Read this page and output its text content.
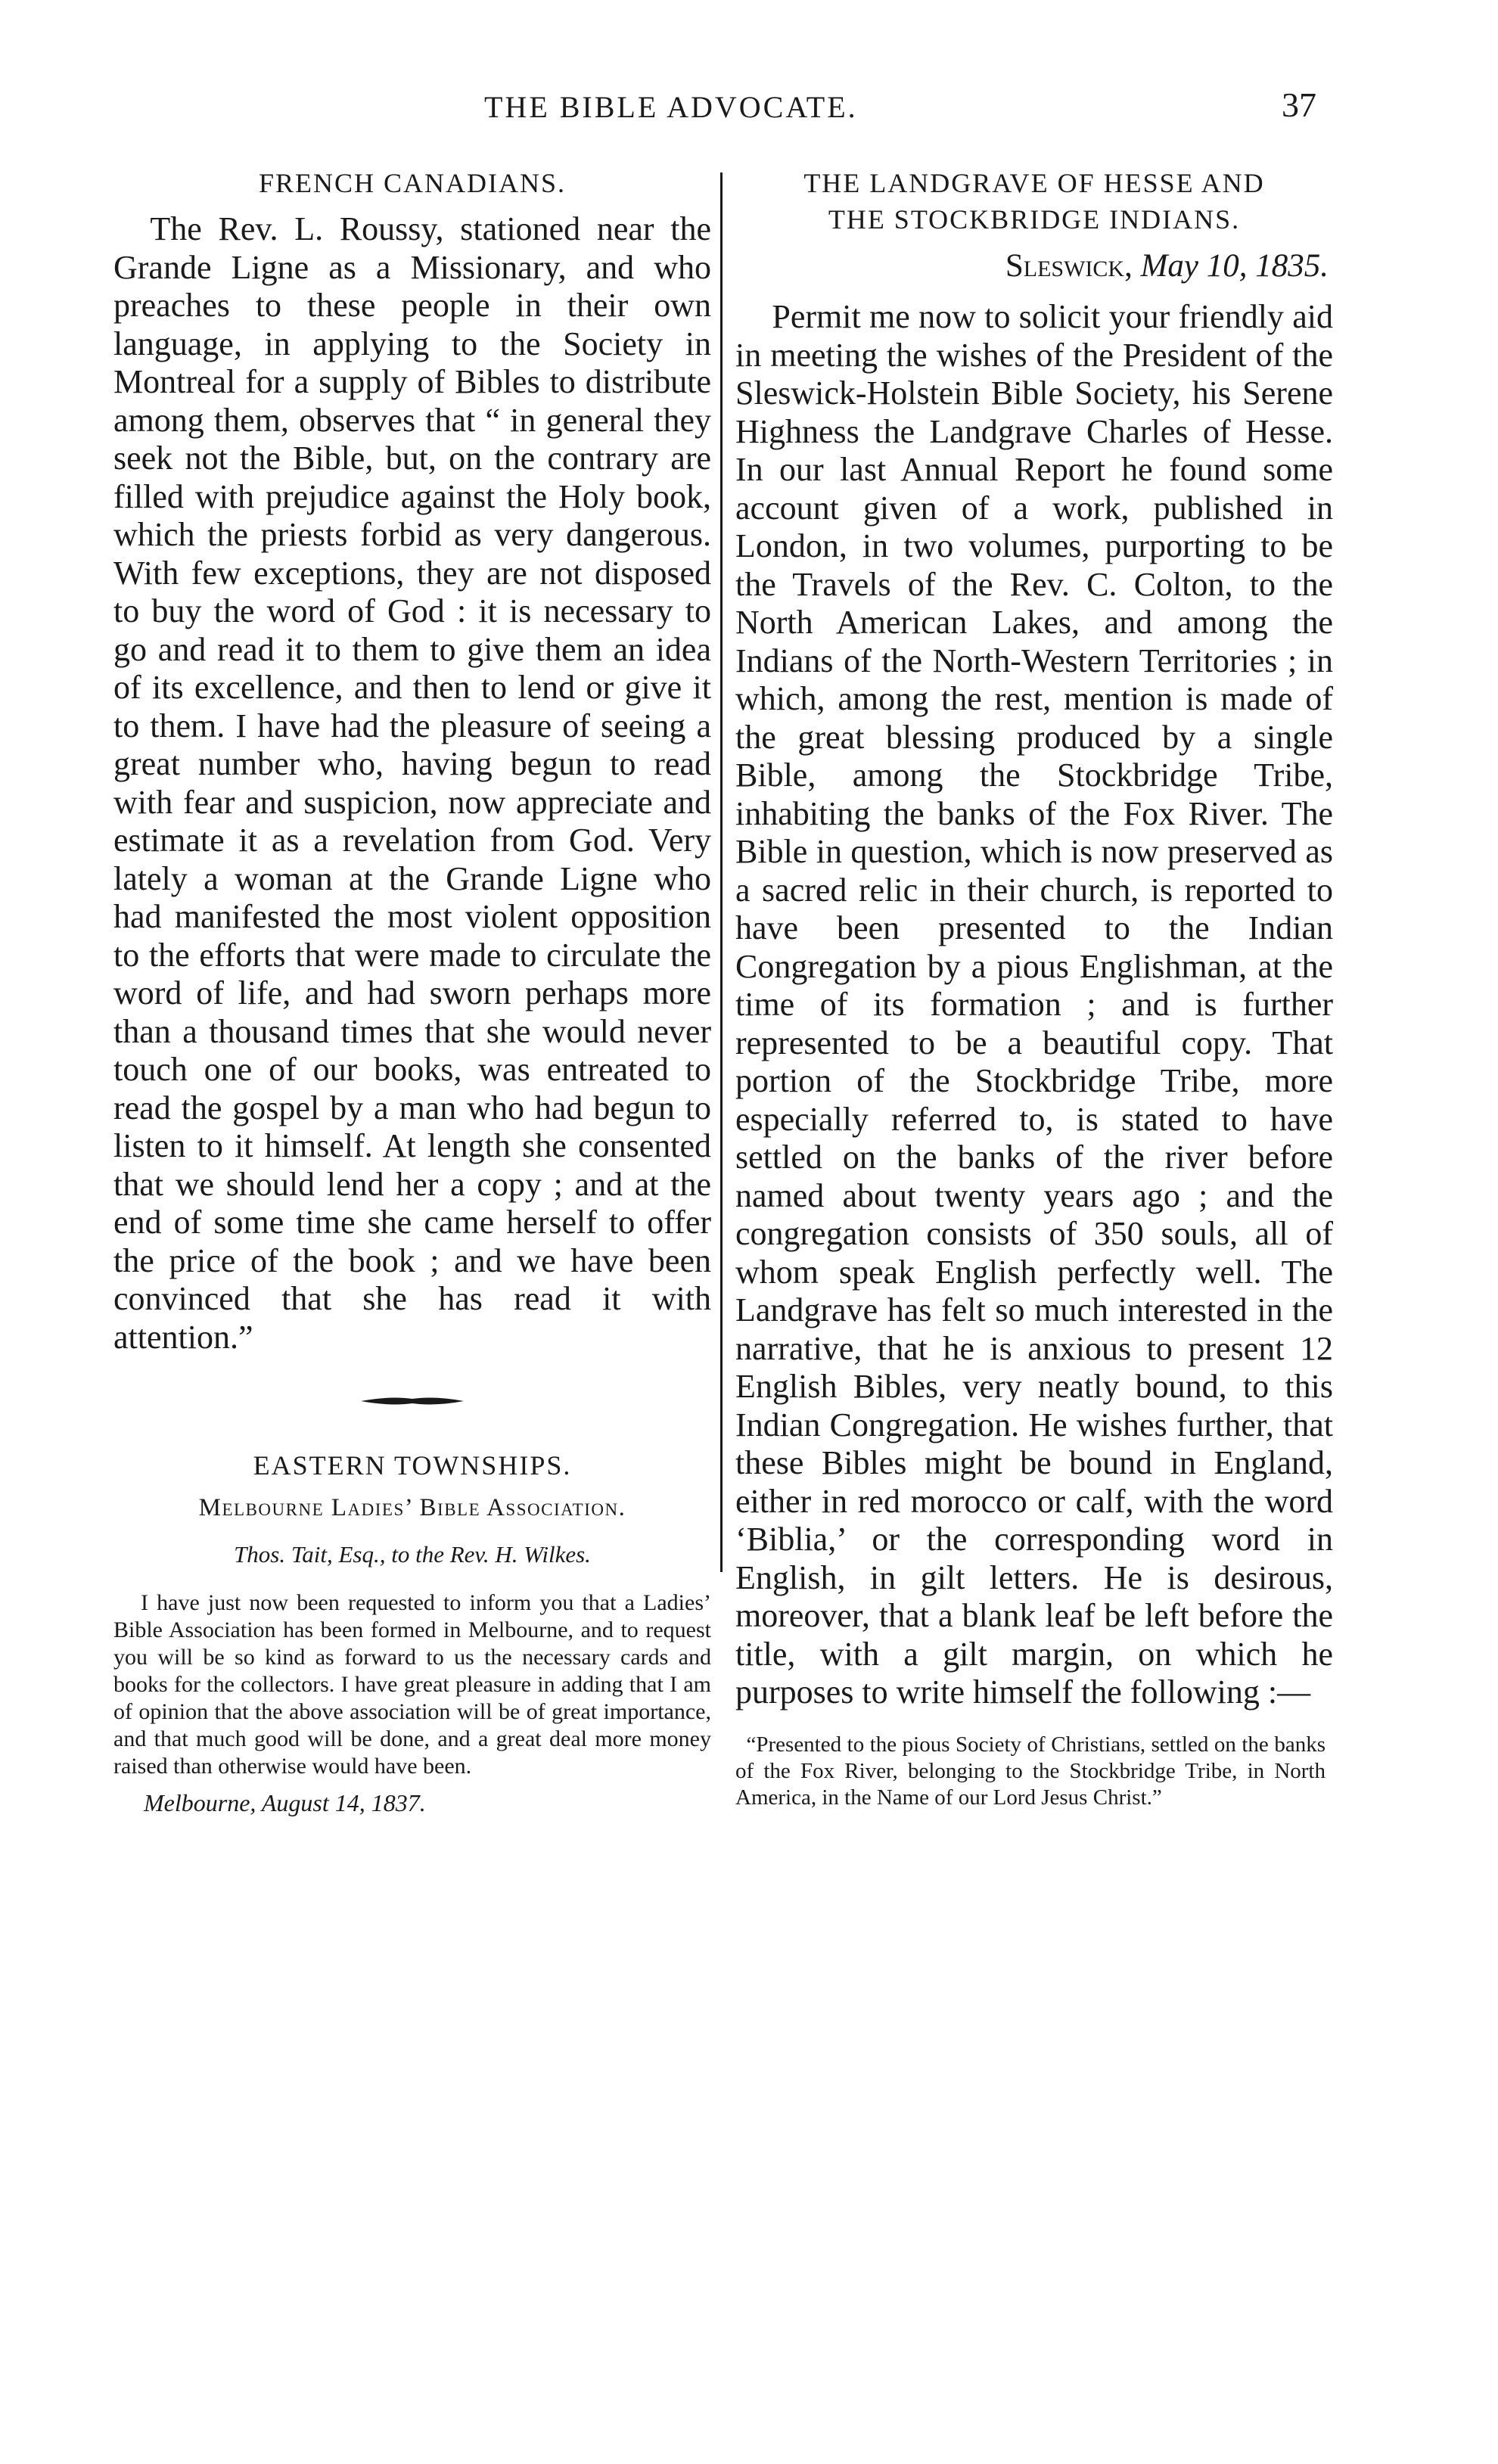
THE BIBLE ADVOCATE.	37
FRENCH CANADIANS.

The Rev. L. Roussy, stationed near the Grande Ligne as a Missionary, and who preaches to these people in their own language, in applying to the Society in Montreal for a supply of Bibles to distribute among them, observes that “ in general they seek not the Bible, but, on the contrary are filled with prejudice against the Holy book, which the priests forbid as very dangerous. With few exceptions, they are not disposed to buy the word of God : it is necessary to go and read it to them to give them an idea of its excellence, and then to lend or give it to them. I have had the pleasure of seeing a great number who, having begun to read with fear and suspicion, now appreciate and estimate it as a revelation from God. Very lately a woman at the Grande Ligne who had manifested the most violent opposition to the efforts that were made to circulate the word of life, and had sworn perhaps more than a thousand times that she would never touch one of our books, was entreated to read the gospel by a man who had begun to listen to it himself. At length she consented that we should lend her a copy ; and at the end of some time she came herself to offer the price of the book ; and we have been convinced that she has read it with attention.”

EASTERN TOWNSHIPS.
Melbourne Ladies’ Bible Association.
Thos. Tait, Esq., to the Rev. H. Wilkes.

I have just now been requested to inform you that a Ladies’ Bible Association has been formed in Melbourne, and to request you will be so kind as forward to us the necessary cards and books for the collectors. I have great pleasure in adding that I am of opinion that the above association will be of great importance, and that much good will be done, and a great deal more money raised than otherwise would have been.

Melbourne, August 14, 1837.
THE LANDGRAVE OF HESSE AND
THE STOCKBRIDGE INDIANS.
Sleswick, May 10, 1835.

Permit me now to solicit your friendly aid in meeting the wishes of the President of the Sleswick-Holstein Bible Society, his Serene Highness the Landgrave Charles of Hesse. In our last Annual Report he found some account given of a work, published in London, in two volumes, purporting to be the Travels of the Rev. C. Colton, to the North American Lakes, and among the Indians of the North-Western Territories ; in which, among the rest, mention is made of the great blessing produced by a single Bible, among the Stockbridge Tribe, inhabiting the banks of the Fox River. The Bible in question, which is now preserved as a sacred relic in their church, is reported to have been presented to the Indian Congregation by a pious Englishman, at the time of its formation ; and is further represented to be a beautiful copy. That portion of the Stockbridge Tribe, more especially referred to, is stated to have settled on the banks of the river before named about twenty years ago ; and the congregation consists of 350 souls, all of whom speak English perfectly well. The Landgrave has felt so much interested in the narrative, that he is anxious to present 12 English Bibles, very neatly bound, to this Indian Congregation. He wishes further, that these Bibles might be bound in England, either in red morocco or calf, with the word ‘Biblia,’ or the corresponding word in English, in gilt letters. He is desirous, moreover, that a blank leaf be left before the title, with a gilt margin, on which he purposes to write himself the following :—

“Presented to the pious Society of Christians, settled on the banks of the Fox River, belonging to the Stockbridge Tribe, in North America, in the Name of our Lord Jesus Christ.”
